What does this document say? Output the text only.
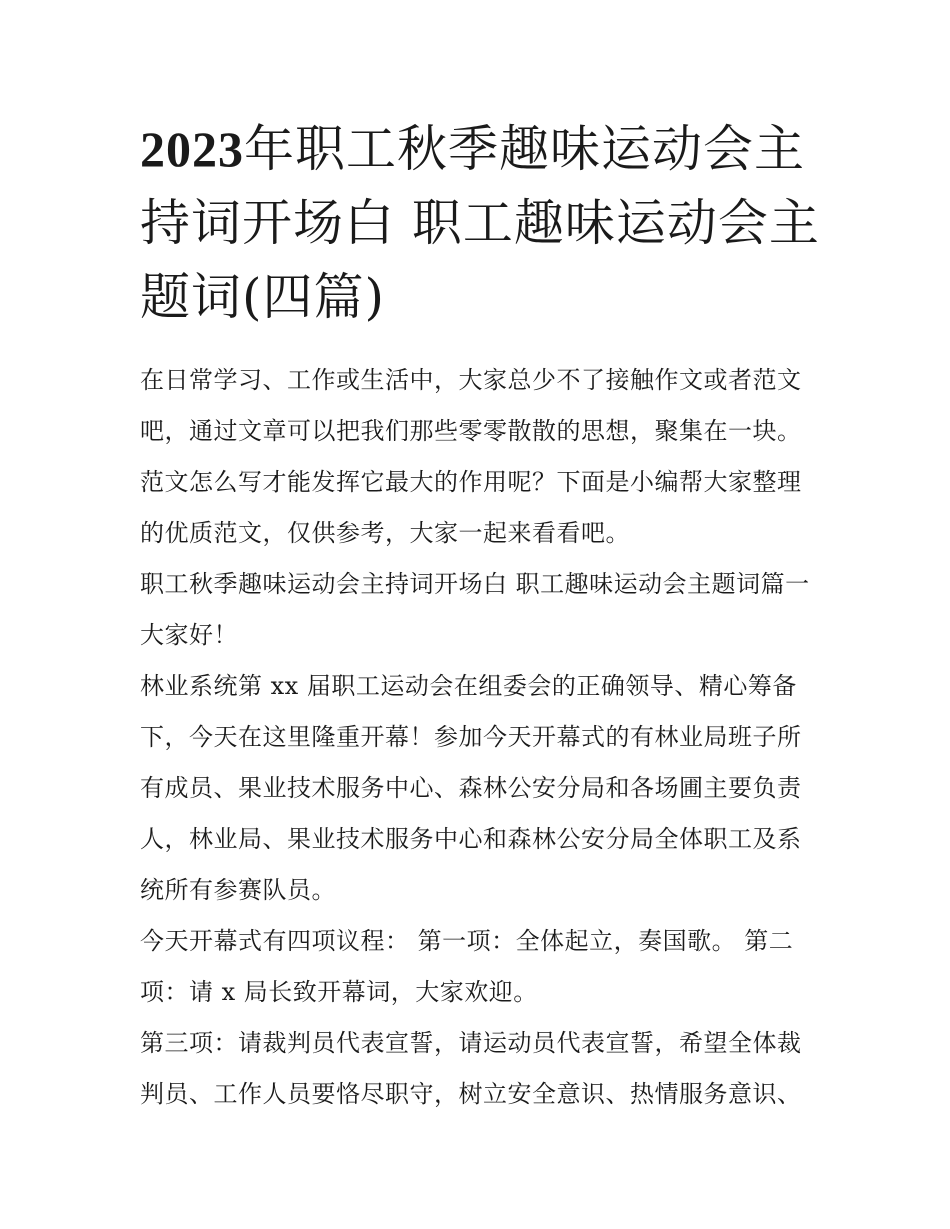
2023年职工秋季趣味运动会主持词开场白 职工趣味运动会主题词(四篇)

在日常学习、工作或生活中，大家总少不了接触作文或者范文吧，通过文章可以把我们那些零零散散的思想，聚集在一块。范文怎么写才能发挥它最大的作用呢？下面是小编帮大家整理的优质范文，仅供参考，大家一起来看看吧。

职工秋季趣味运动会主持词开场白 职工趣味运动会主题词篇一 大家好！

林业系统第 xx 届职工运动会在组委会的正确领导、精心筹备下，今天在这里隆重开幕！参加今天开幕式的有林业局班子所有成员、果业技术服务中心、森林公安分局和各场圃主要负责人，林业局、果业技术服务中心和森林公安分局全体职工及系统所有参赛队员。

今天开幕式有四项议程： 第一项：全体起立，奏国歌。 第二项：请 x 局长致开幕词，大家欢迎。

第三项：请裁判员代表宣誓，请运动员代表宣誓，希望全体裁判员、工作人员要恪尽职守，树立安全意识、热情服务意识、
